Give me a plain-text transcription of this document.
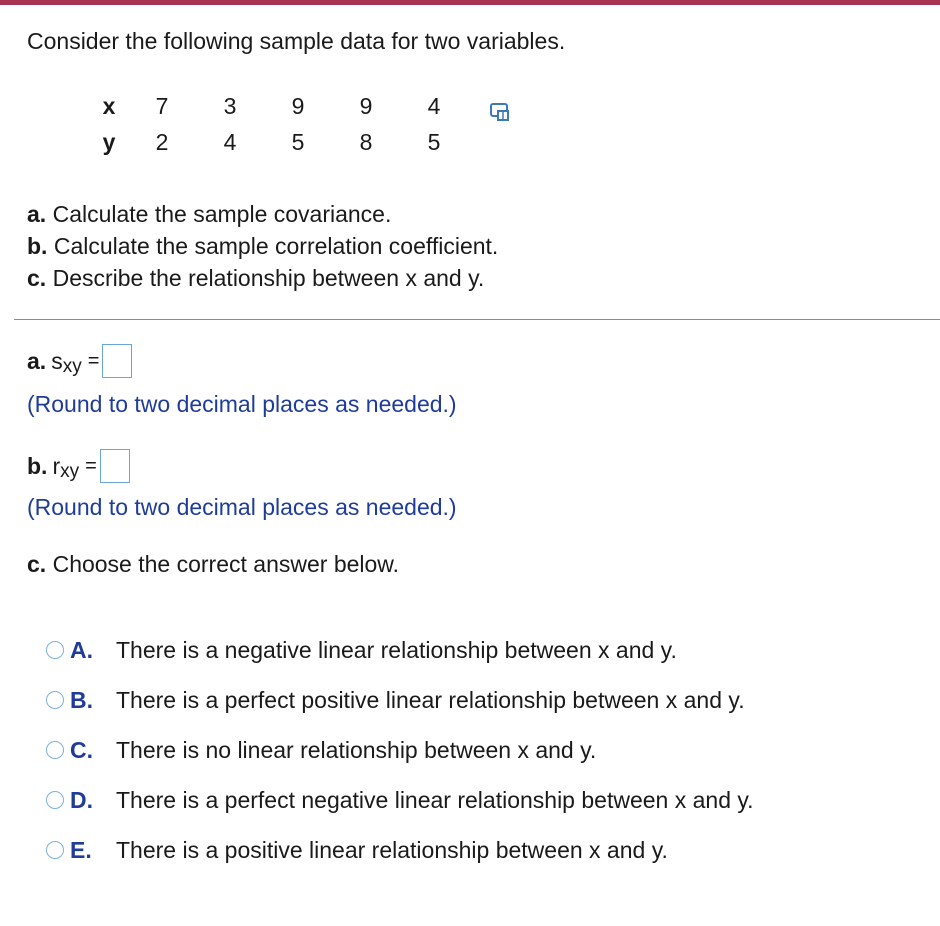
Consider the following sample data for two variables.

x	7	3	9	9	4
y	2	4	5	8	5
a. Calculate the sample covariance.
b. Calculate the sample correlation coefficient.
c. Describe the relationship between x and y.
a. s xy =

(Round to two decimal places as needed.)

b. r xy =

(Round to two decimal places as needed.)

c. Choose the correct answer below.

A.	There is a negative linear relationship between x and y.
B.	There is a perfect positive linear relationship between x and y.
C.	There is no linear relationship between x and y.
D.	There is a perfect negative linear relationship between x and y.
E.	There is a positive linear relationship between x and y.
